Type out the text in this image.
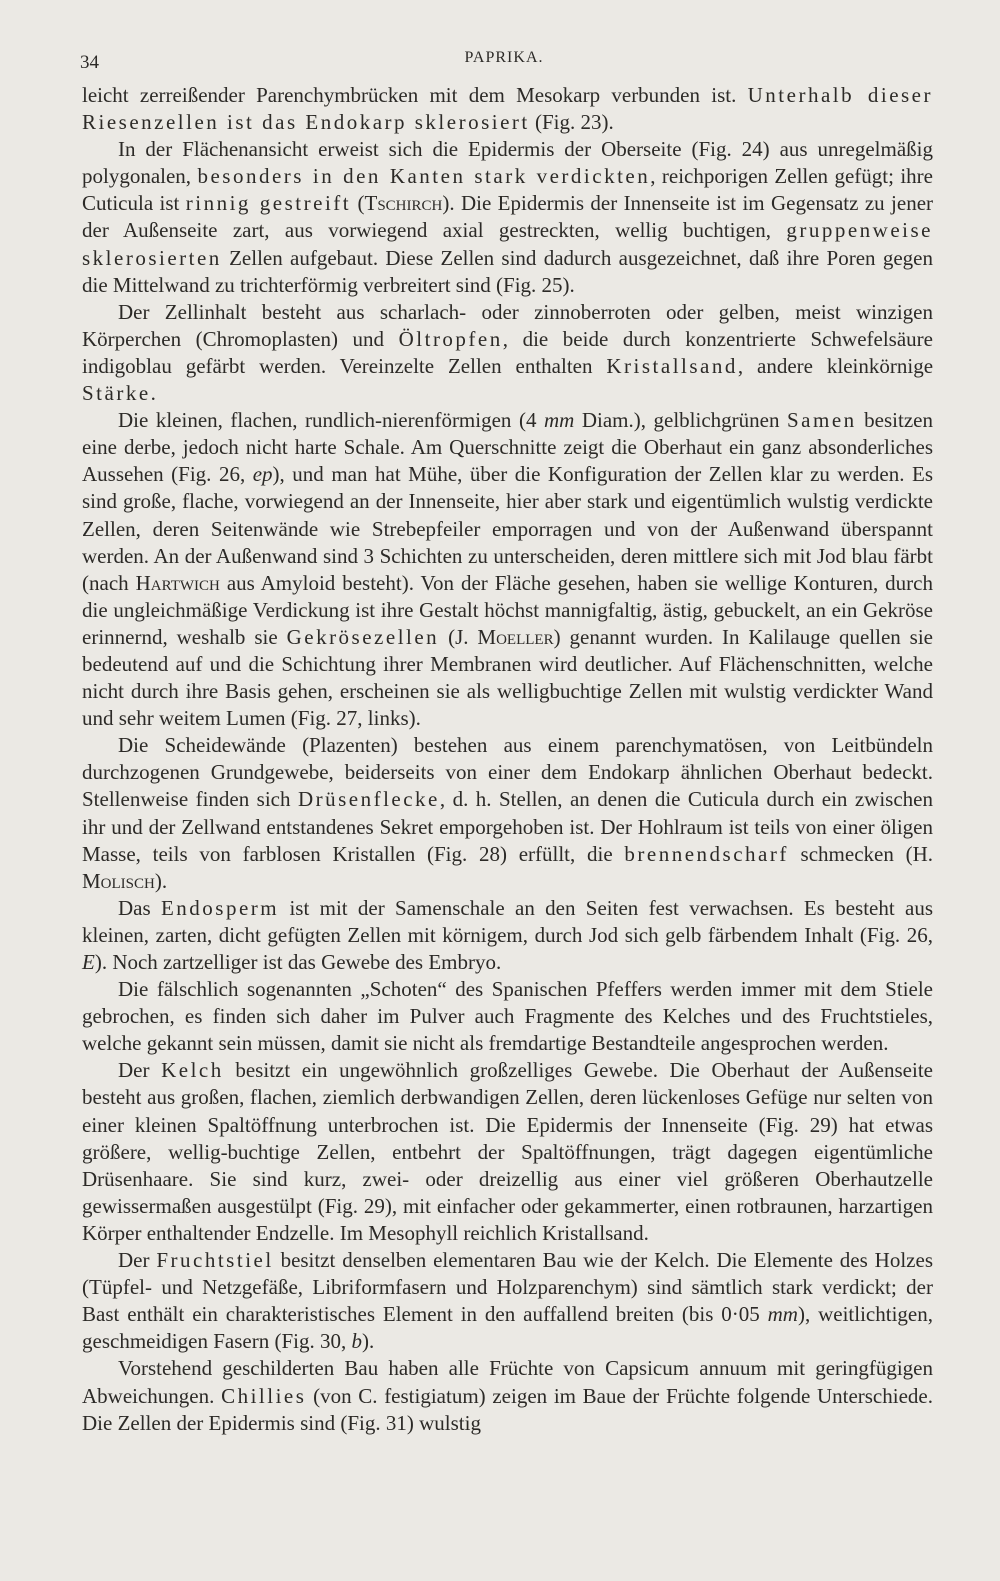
34	PAPRIKA.

leicht zerreißender Parenchymbrücken mit dem Mesokarp verbunden ist. Unterhalb dieser Riesenzellen ist das Endokarp sklerosiert (Fig. 23).

In der Flächenansicht erweist sich die Epidermis der Oberseite (Fig. 24) aus unregelmäßig polygonalen, besonders in den Kanten stark verdickten, reichporigen Zellen gefügt; ihre Cuticula ist rinnig gestreift (Tschirch). Die Epidermis der Innenseite ist im Gegensatz zu jener der Außenseite zart, aus vorwiegend axial gestreckten, wellig buchtigen, gruppenweise sklerosierten Zellen aufgebaut. Diese Zellen sind dadurch ausgezeichnet, daß ihre Poren gegen die Mittelwand zu trichterförmig verbreitert sind (Fig. 25).

Der Zellinhalt besteht aus scharlach- oder zinnoberroten oder gelben, meist winzigen Körperchen (Chromoplasten) und Öltropfen, die beide durch konzentrierte Schwefelsäure indigoblau gefärbt werden. Vereinzelte Zellen enthalten Kristallsand, andere kleinkörnige Stärke.

Die kleinen, flachen, rundlich-nierenförmigen (4 mm Diam.), gelblichgrünen Samen besitzen eine derbe, jedoch nicht harte Schale. Am Querschnitte zeigt die Oberhaut ein ganz absonderliches Aussehen (Fig. 26, ep), und man hat Mühe, über die Konfiguration der Zellen klar zu werden. Es sind große, flache, vorwiegend an der Innenseite, hier aber stark und eigentümlich wulstig verdickte Zellen, deren Seitenwände wie Strebepfeiler emporragen und von der Außenwand überspannt werden. An der Außenwand sind 3 Schichten zu unterscheiden, deren mittlere sich mit Jod blau färbt (nach Hartwich aus Amyloid besteht). Von der Fläche gesehen, haben sie wellige Konturen, durch die ungleichmäßige Verdickung ist ihre Gestalt höchst mannigfaltig, ästig, gebuckelt, an ein Gekröse erinnernd, weshalb sie Gekrösezellen (J. Moeller) genannt wurden. In Kalilauge quellen sie bedeutend auf und die Schichtung ihrer Membranen wird deutlicher. Auf Flächenschnitten, welche nicht durch ihre Basis gehen, erscheinen sie als welligbuchtige Zellen mit wulstig verdickter Wand und sehr weitem Lumen (Fig. 27, links).

Die Scheidewände (Plazenten) bestehen aus einem parenchymatösen, von Leitbündeln durchzogenen Grundgewebe, beiderseits von einer dem Endokarp ähnlichen Oberhaut bedeckt. Stellenweise finden sich Drüsenflecke, d. h. Stellen, an denen die Cuticula durch ein zwischen ihr und der Zellwand entstandenes Sekret emporgehoben ist. Der Hohlraum ist teils von einer öligen Masse, teils von farblosen Kristallen (Fig. 28) erfüllt, die brennendscharf schmecken (H. Molisch).

Das Endosperm ist mit der Samenschale an den Seiten fest verwachsen. Es besteht aus kleinen, zarten, dicht gefügten Zellen mit körnigem, durch Jod sich gelb färbendem Inhalt (Fig. 26, E). Noch zartzelliger ist das Gewebe des Embryo.

Die fälschlich sogenannten „Schoten“ des Spanischen Pfeffers werden immer mit dem Stiele gebrochen, es finden sich daher im Pulver auch Fragmente des Kelches und des Fruchtstieles, welche gekannt sein müssen, damit sie nicht als fremdartige Bestandteile angesprochen werden.

Der Kelch besitzt ein ungewöhnlich großzelliges Gewebe. Die Oberhaut der Außenseite besteht aus großen, flachen, ziemlich derbwandigen Zellen, deren lückenloses Gefüge nur selten von einer kleinen Spaltöffnung unterbrochen ist. Die Epidermis der Innenseite (Fig. 29) hat etwas größere, wellig-buchtige Zellen, entbehrt der Spaltöffnungen, trägt dagegen eigentümliche Drüsenhaare. Sie sind kurz, zwei- oder dreizellig aus einer viel größeren Oberhautzelle gewissermaßen ausgestülpt (Fig. 29), mit einfacher oder gekammerter, einen rotbraunen, harzartigen Körper enthaltender Endzelle. Im Mesophyll reichlich Kristallsand.

Der Fruchtstiel besitzt denselben elementaren Bau wie der Kelch. Die Elemente des Holzes (Tüpfel- und Netzgefäße, Libriformfasern und Holzparenchym) sind sämtlich stark verdickt; der Bast enthält ein charakteristisches Element in den auffallend breiten (bis 0·05 mm), weitlichtigen, geschmeidigen Fasern (Fig. 30, b).

Vorstehend geschilderten Bau haben alle Früchte von Capsicum annuum mit geringfügigen Abweichungen. Chillies (von C. festigiatum) zeigen im Baue der Früchte folgende Unterschiede. Die Zellen der Epidermis sind (Fig. 31) wulstig
